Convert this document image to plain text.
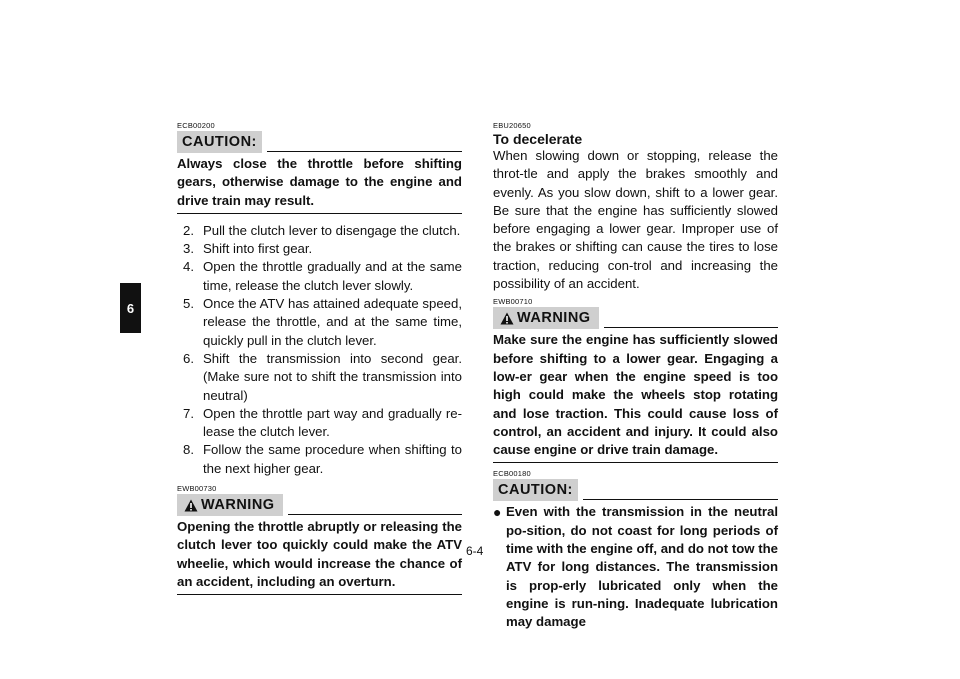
6
ECB00200
CAUTION:
Always close the throttle before shifting gears, otherwise damage to the engine and drive train may result.
2. Pull the clutch lever to disengage the clutch.
3. Shift into first gear.
4. Open the throttle gradually and at the same time, release the clutch lever slowly.
5. Once the ATV has attained adequate speed, release the throttle, and at the same time, quickly pull in the clutch lever.
6. Shift the transmission into second gear. (Make sure not to shift the transmission into neutral)
7. Open the throttle part way and gradually re-lease the clutch lever.
8. Follow the same procedure when shifting to the next higher gear.
EWB00730
WARNING
Opening the throttle abruptly or releasing the clutch lever too quickly could make the ATV wheelie, which would increase the chance of an accident, including an overturn.
EBU20650
To decelerate
When slowing down or stopping, release the throt-tle and apply the brakes smoothly and evenly. As you slow down, shift to a lower gear. Be sure that the engine has sufficiently slowed before engaging a lower gear. Improper use of the brakes or shifting can cause the tires to lose traction, reducing con-trol and increasing the possibility of an accident.
EWB00710
WARNING
Make sure the engine has sufficiently slowed before shifting to a lower gear. Engaging a low-er gear when the engine speed is too high could make the wheels stop rotating and lose traction. This could cause loss of control, an accident and injury. It could also cause engine or drive train damage.
ECB00180
CAUTION:
● Even with the transmission in the neutral po-sition, do not coast for long periods of time with the engine off, and do not tow the ATV for long distances. The transmission is prop-erly lubricated only when the engine is run-ning. Inadequate lubrication may damage
6-4
